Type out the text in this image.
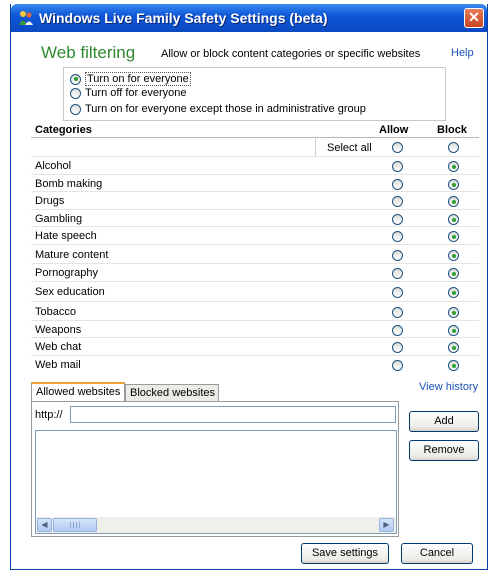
Windows Live Family Safety Settings (beta)	✕
Web filtering Allow or block content categories or specific websites	Help
Turn on for everyone
Turn off for everyone
Turn on for everyone except those in administrative group
Categories	Allow	Block
Select all
Alcohol
Bomb making
Drugs
Gambling
Hate speech
Mature content
Pornography
Sex education
Tobacco
Weapons
Web chat
Web mail
View history
Allowed websites Blocked websites
http://
◀	▶
Add
Remove
Save settings	Cancel
